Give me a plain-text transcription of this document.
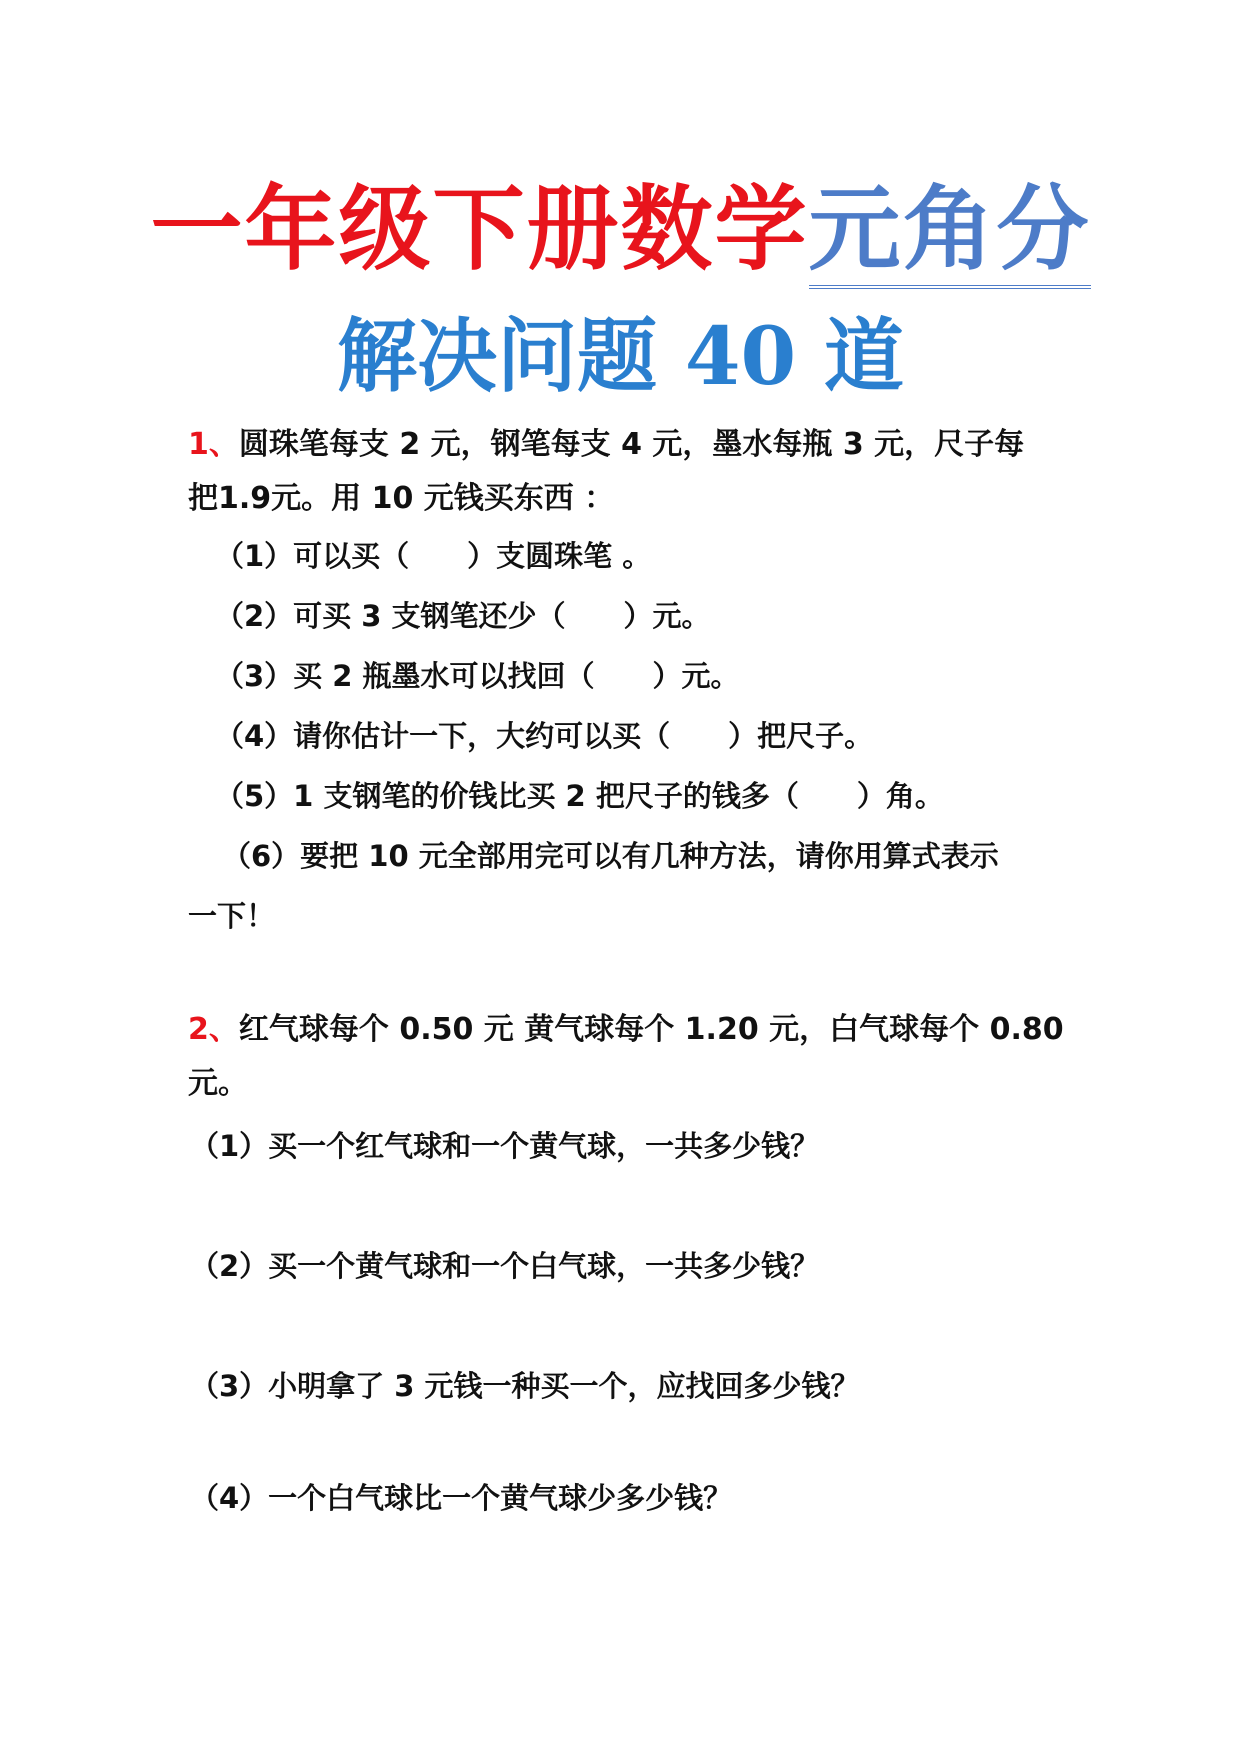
一年级下册数学元角分
解决问题 40 道
1、圆珠笔每支 2 元，钢笔每支 4 元，墨水每瓶 3 元，尺子每
把1.9元。用 10 元钱买东西 ：
（1）可以买（　　）支圆珠笔 。
（2）可买 3 支钢笔还少（　　）元。
（3）买 2 瓶墨水可以找回（　　）元。
（4）请你估计一下，大约可以买（　　）把尺子。
（5）1 支钢笔的价钱比买 2 把尺子的钱多（　　）角。
（6）要把 10 元全部用完可以有几种方法，请你用算式表示
一下！
2、红气球每个 0.50 元 黄气球每个 1.20 元，白气球每个 0.80
元。
（1）买一个红气球和一个黄气球，一共多少钱？
（2）买一个黄气球和一个白气球，一共多少钱？
（3）小明拿了 3 元钱一种买一个，应找回多少钱？
（4）一个白气球比一个黄气球少多少钱？
